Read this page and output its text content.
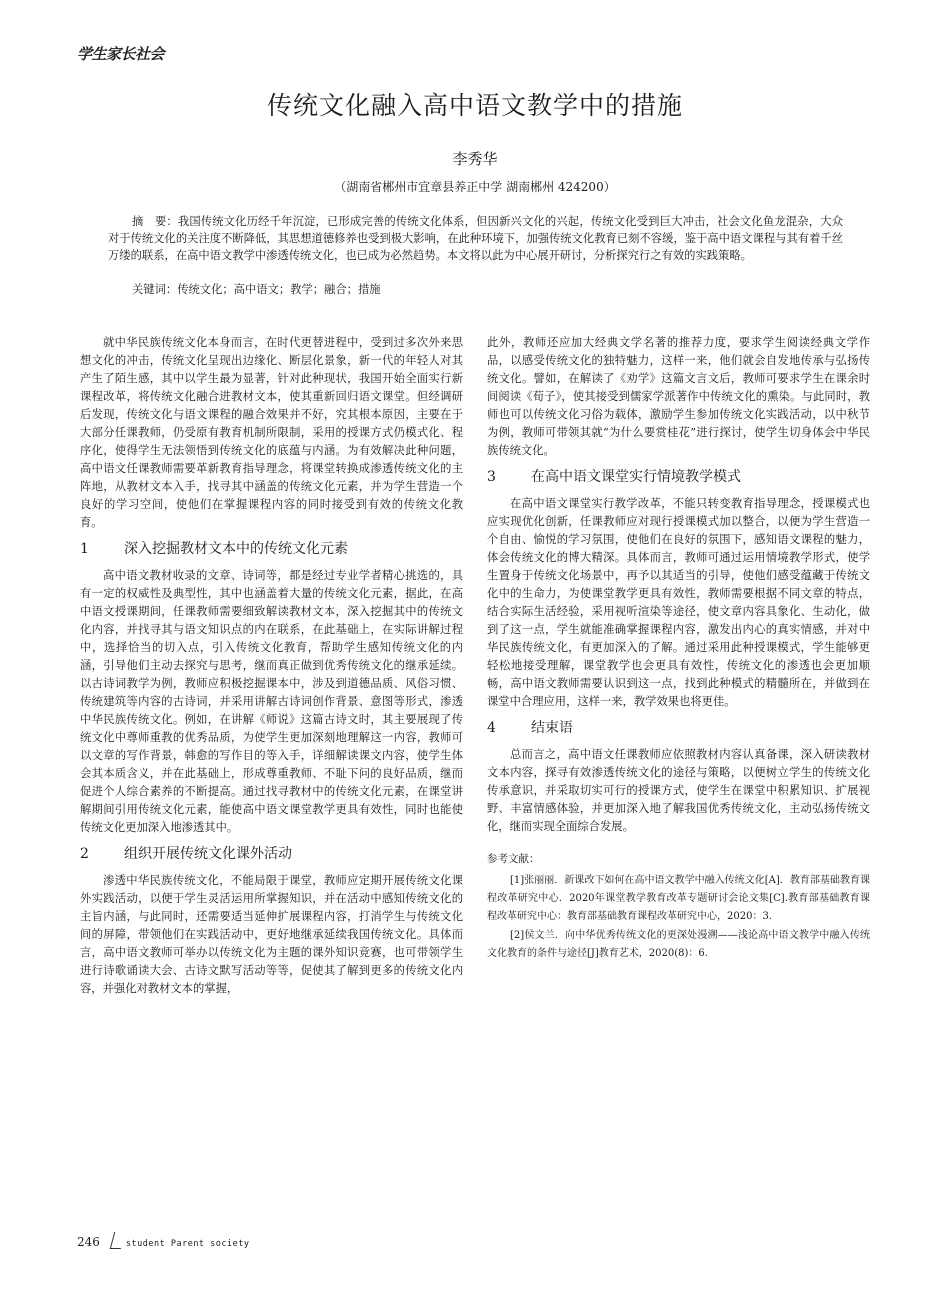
学生家长社会
传统文化融入高中语文教学中的措施
李秀华
（湖南省郴州市宜章县养正中学 湖南郴州 424200）

摘　要：我国传统文化历经千年沉淀，已形成完善的传统文化体系，但因新兴文化的兴起，传统文化受到巨大冲击，社会文化鱼龙混杂，大众对于传统文化的关注度不断降低，其思想道德修养也受到极大影响，在此种环境下，加强传统文化教育已刻不容缓，鉴于高中语文课程与其有着千丝万缕的联系，在高中语文教学中渗透传统文化，也已成为必然趋势。本文将以此为中心展开研讨，分析探究行之有效的实践策略。

关键词：传统文化；高中语文；教学；融合；措施

就中华民族传统文化本身而言，在时代更替进程中，受到过多次外来思想文化的冲击，传统文化呈现出边缘化、断层化景象，新一代的年轻人对其产生了陌生感，其中以学生最为显著，针对此种现状，我国开始全面实行新课程改革，将传统文化融合进教材文本，使其重新回归语文课堂。但经调研后发现，传统文化与语文课程的融合效果并不好，究其根本原因，主要在于大部分任课教师，仍受原有教育机制所限制，采用的授课方式仍模式化、程序化，使得学生无法领悟到传统文化的底蕴与内涵。为有效解决此种问题，高中语文任课教师需要革新教育指导理念，将课堂转换成渗透传统文化的主阵地，从教材文本入手，找寻其中涵盖的传统文化元素，并为学生营造一个良好的学习空间，使他们在掌握课程内容的同时接受到有效的传统文化教育。

1	深入挖掘教材文本中的传统文化元素

高中语文教材收录的文章、诗词等，都是经过专业学者精心挑选的，具有一定的权威性及典型性，其中也涵盖着大量的传统文化元素，据此，在高中语文授课期间，任课教师需要细致解读教材文本，深入挖掘其中的传统文化内容，并找寻其与语文知识点的内在联系，在此基础上，在实际讲解过程中，选择恰当的切入点，引入传统文化教育，帮助学生感知传统文化的内涵，引导他们主动去探究与思考，继而真正做到优秀传统文化的继承延续。以古诗词教学为例，教师应积极挖掘课本中，涉及到道德品质、风俗习惯、传统建筑等内容的古诗词，并采用讲解古诗词创作背景、意图等形式，渗透中华民族传统文化。例如，在讲解《师说》这篇古诗文时，其主要展现了传统文化中尊师重教的优秀品质，为使学生更加深刻地理解这一内容，教师可以文章的写作背景，韩愈的写作目的等入手，详细解读课文内容，使学生体会其本质含义，并在此基础上，形成尊重教师、不耻下问的良好品质，继而促进个人综合素养的不断提高。通过找寻教材中的传统文化元素，在课堂讲解期间引用传统文化元素，能使高中语文课堂教学更具有效性，同时也能使传统文化更加深入地渗透其中。

2	组织开展传统文化课外活动

渗透中华民族传统文化，不能局限于课堂，教师应定期开展传统文化课外实践活动，以便于学生灵活运用所掌握知识，并在活动中感知传统文化的主旨内涵，与此同时，还需要适当延伸扩展课程内容，打消学生与传统文化间的屏障，带领他们在实践活动中，更好地继承延续我国传统文化。具体而言，高中语文教师可举办以传统文化为主题的课外知识竞赛，也可带领学生进行诗歌诵读大会、古诗文默写活动等等，促使其了解到更多的传统文化内容，并强化对教材文本的掌握，

此外，教师还应加大经典文学名著的推荐力度，要求学生阅读经典文学作品，以感受传统文化的独特魅力，这样一来，他们就会自发地传承与弘扬传统文化。譬如，在解读了《劝学》这篇文言文后，教师可要求学生在课余时间阅读《荀子》，使其接受到儒家学派著作中传统文化的熏染。与此同时，教师也可以传统文化习俗为载体，激励学生参加传统文化实践活动，以中秋节为例，教师可带领其就“为什么要赏桂花”进行探讨，使学生切身体会中华民族传统文化。

3	在高中语文课堂实行情境教学模式

在高中语文课堂实行教学改革，不能只转变教育指导理念，授课模式也应实现优化创新，任课教师应对现行授课模式加以整合，以便为学生营造一个自由、愉悦的学习氛围，使他们在良好的氛围下，感知语文课程的魅力，体会传统文化的博大精深。具体而言，教师可通过运用情境教学形式，使学生置身于传统文化场景中，再予以其适当的引导，使他们感受蕴藏于传统文化中的生命力，为使课堂教学更具有效性，教师需要根据不同文章的特点，结合实际生活经验，采用视听渲染等途径，使文章内容具象化、生动化，做到了这一点，学生就能准确掌握课程内容，激发出内心的真实情感，并对中华民族传统文化，有更加深入的了解。通过采用此种授课模式，学生能够更轻松地接受理解，课堂教学也会更具有效性，传统文化的渗透也会更加顺畅，高中语文教师需要认识到这一点，找到此种模式的精髓所在，并做到在课堂中合理应用，这样一来，教学效果也将更佳。

4	结束语

总而言之，高中语文任课教师应依照教材内容认真备课，深入研读教材文本内容，探寻有效渗透传统文化的途径与策略，以便树立学生的传统文化传承意识，并采取切实可行的授课方式，使学生在课堂中积累知识、扩展视野、丰富情感体验，并更加深入地了解我国优秀传统文化，主动弘扬传统文化，继而实现全面综合发展。

参考文献：

[1]张丽丽．新课改下如何在高中语文教学中融入传统文化[A]．教育部基础教育课程改革研究中心．2020年课堂教学教育改革专题研讨会论文集[C].教育部基础教育课程改革研究中心：教育部基础教育课程改革研究中心，2020：3.

[2]侯文兰．向中华优秀传统文化的更深处漫溯——浅论高中语文教学中融入传统文化教育的条件与途径[J]教育艺术，2020(8)：6.

246	student Parent society
